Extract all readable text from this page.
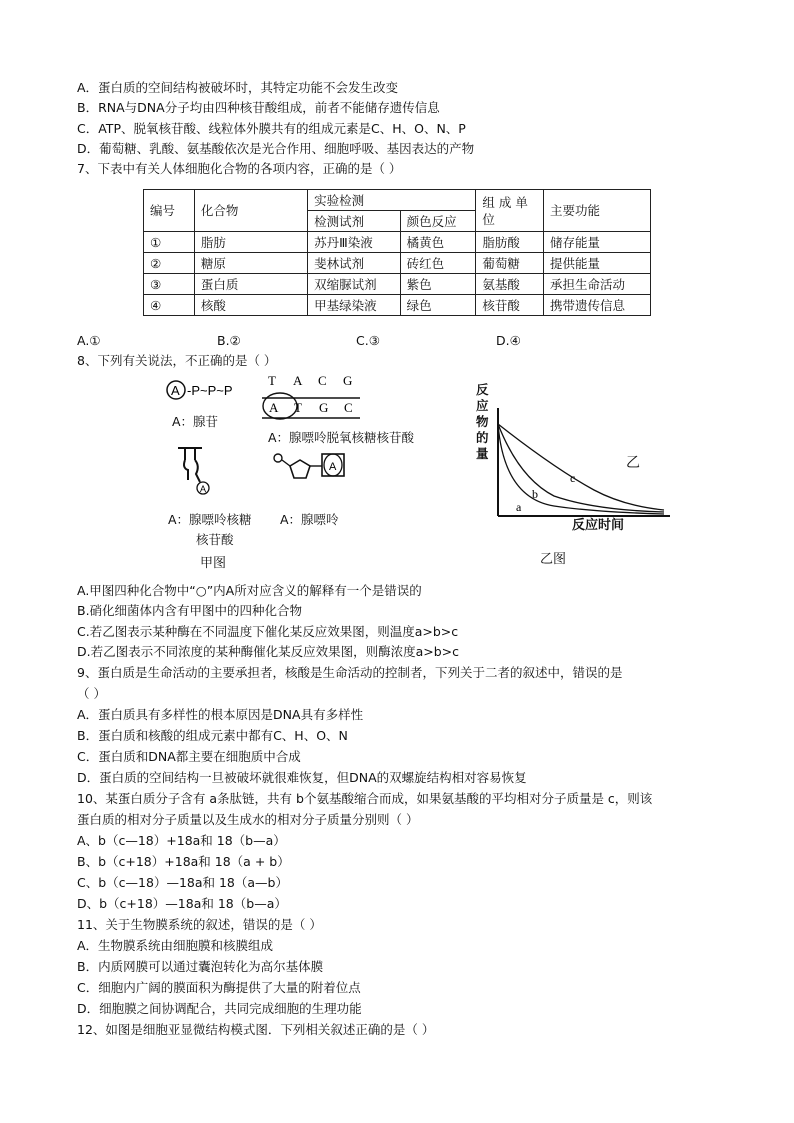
A．蛋白质的空间结构被破坏时，其特定功能不会发生改变
B．RNA与DNA分子均由四种核苷酸组成，前者不能储存遗传信息
C．ATP、脱氧核苷酸、线粒体外膜共有的组成元素是C、H、O、N、P
D．葡萄糖、乳酸、氨基酸依次是光合作用、细胞呼吸、基因表达的产物
7、下表中有关人体细胞化合物的各项内容，正确的是（ ）
编号	化合物	实验检测		组 成 单 位	主要功能
		检测试剂	颜色反应		
①	脂肪	苏丹Ⅲ染液	橘黄色	脂肪酸	储存能量
②	糖原	斐林试剂	砖红色	葡萄糖	提供能量
③	蛋白质	双缩脲试剂	紫色	氨基酸	承担生命活动
④	核酸	甲基绿染液	绿色	核苷酸	携带遗传信息
A.①	B.②	C.③	D.④
8、下列有关说法，不正确的是（ ）
A -P~P~P
T A C G
A T G C
A
A
A：腺苷
A：腺嘌呤脱氧核糖核苷酸
A：腺嘌呤核糖
核苷酸
A：腺嘌呤
甲图
a
b
c
反
应
物
的
量
乙
反应时间
乙图
A.甲图四种化合物中“○”内A所对应含义的解释有一个是错误的
B.硝化细菌体内含有甲图中的四种化合物
C.若乙图表示某种酶在不同温度下催化某反应效果图，则温度a>b>c
D.若乙图表示不同浓度的某种酶催化某反应效果图，则酶浓度a>b>c
9、蛋白质是生命活动的主要承担者，核酸是生命活动的控制者，下列关于二者的叙述中，错误的是
（ ）
A．蛋白质具有多样性的根本原因是DNA具有多样性
B．蛋白质和核酸的组成元素中都有C、H、O、N
C．蛋白质和DNA都主要在细胞质中合成
D．蛋白质的空间结构一旦被破坏就很难恢复，但DNA的双螺旋结构相对容易恢复
10、某蛋白质分子含有 a条肽链，共有 b个氨基酸缩合而成，如果氨基酸的平均相对分子质量是 c，则该
蛋白质的相对分子质量以及生成水的相对分子质量分别则（ ）
A、b（c—18）+18a和 18（b—a）
B、b（c+18）+18a和 18（a + b）
C、b（c—18）—18a和 18（a—b）
D、b（c+18）—18a和 18（b—a）
11、关于生物膜系统的叙述，错误的是（ ）
A．生物膜系统由细胞膜和核膜组成
B．内质网膜可以通过囊泡转化为高尔基体膜
C．细胞内广阔的膜面积为酶提供了大量的附着位点
D．细胞膜之间协调配合，共同完成细胞的生理功能
12、如图是细胞亚显微结构模式图．下列相关叙述正确的是（ ）
